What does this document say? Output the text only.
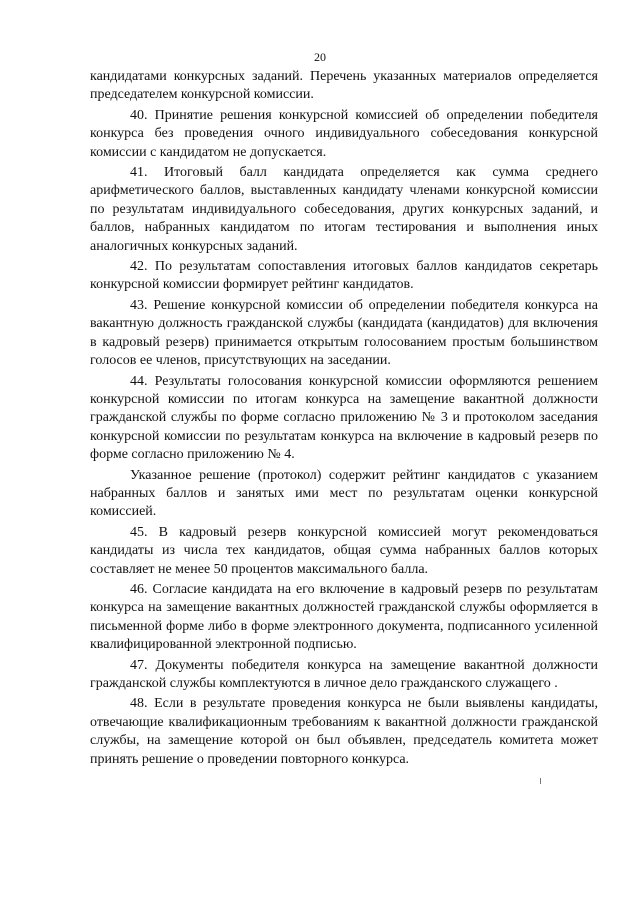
20

кандидатами конкурсных заданий. Перечень указанных материалов определяется председателем конкурсной комиссии.

40. Принятие решения конкурсной комиссией об определении победителя конкурса без проведения очного индивидуального собеседования конкурсной комиссии с кандидатом не допускается.

41. Итоговый балл кандидата определяется как сумма среднего арифметического баллов, выставленных кандидату членами конкурсной комиссии по результатам индивидуального собеседования, других конкурсных заданий, и баллов, набранных кандидатом по итогам тестирования и выполнения иных аналогичных конкурсных заданий.

42. По результатам сопоставления итоговых баллов кандидатов секретарь конкурсной комиссии формирует рейтинг кандидатов.

43. Решение конкурсной комиссии об определении победителя конкурса на вакантную должность гражданской службы (кандидата (кандидатов) для включения в кадровый резерв) принимается открытым голосованием простым большинством голосов ее членов, присутствующих на заседании.

44. Результаты голосования конкурсной комиссии оформляются решением конкурсной комиссии по итогам конкурса на замещение вакантной должности гражданской службы по форме согласно приложению № 3 и протоколом заседания конкурсной комиссии по результатам конкурса на включение в кадровый резерв по форме согласно приложению № 4.

Указанное решение (протокол) содержит рейтинг кандидатов с указанием набранных баллов и занятых ими мест по результатам оценки конкурсной комиссией.

45. В кадровый резерв конкурсной комиссией могут рекомендоваться кандидаты из числа тех кандидатов, общая сумма набранных баллов которых составляет не менее 50 процентов максимального балла.

46. Согласие кандидата на его включение в кадровый резерв по результатам конкурса на замещение вакантных должностей гражданской службы оформляется в письменной форме либо в форме электронного документа, подписанного усиленной квалифицированной электронной подписью.

47. Документы победителя конкурса на замещение вакантной должности гражданской службы комплектуются в личное дело гражданского служащего .

48. Если в результате проведения конкурса не были выявлены кандидаты, отвечающие квалификационным требованиям к вакантной должности гражданской службы, на замещение которой он был объявлен, председатель комитета может принять решение о проведении повторного конкурса.
